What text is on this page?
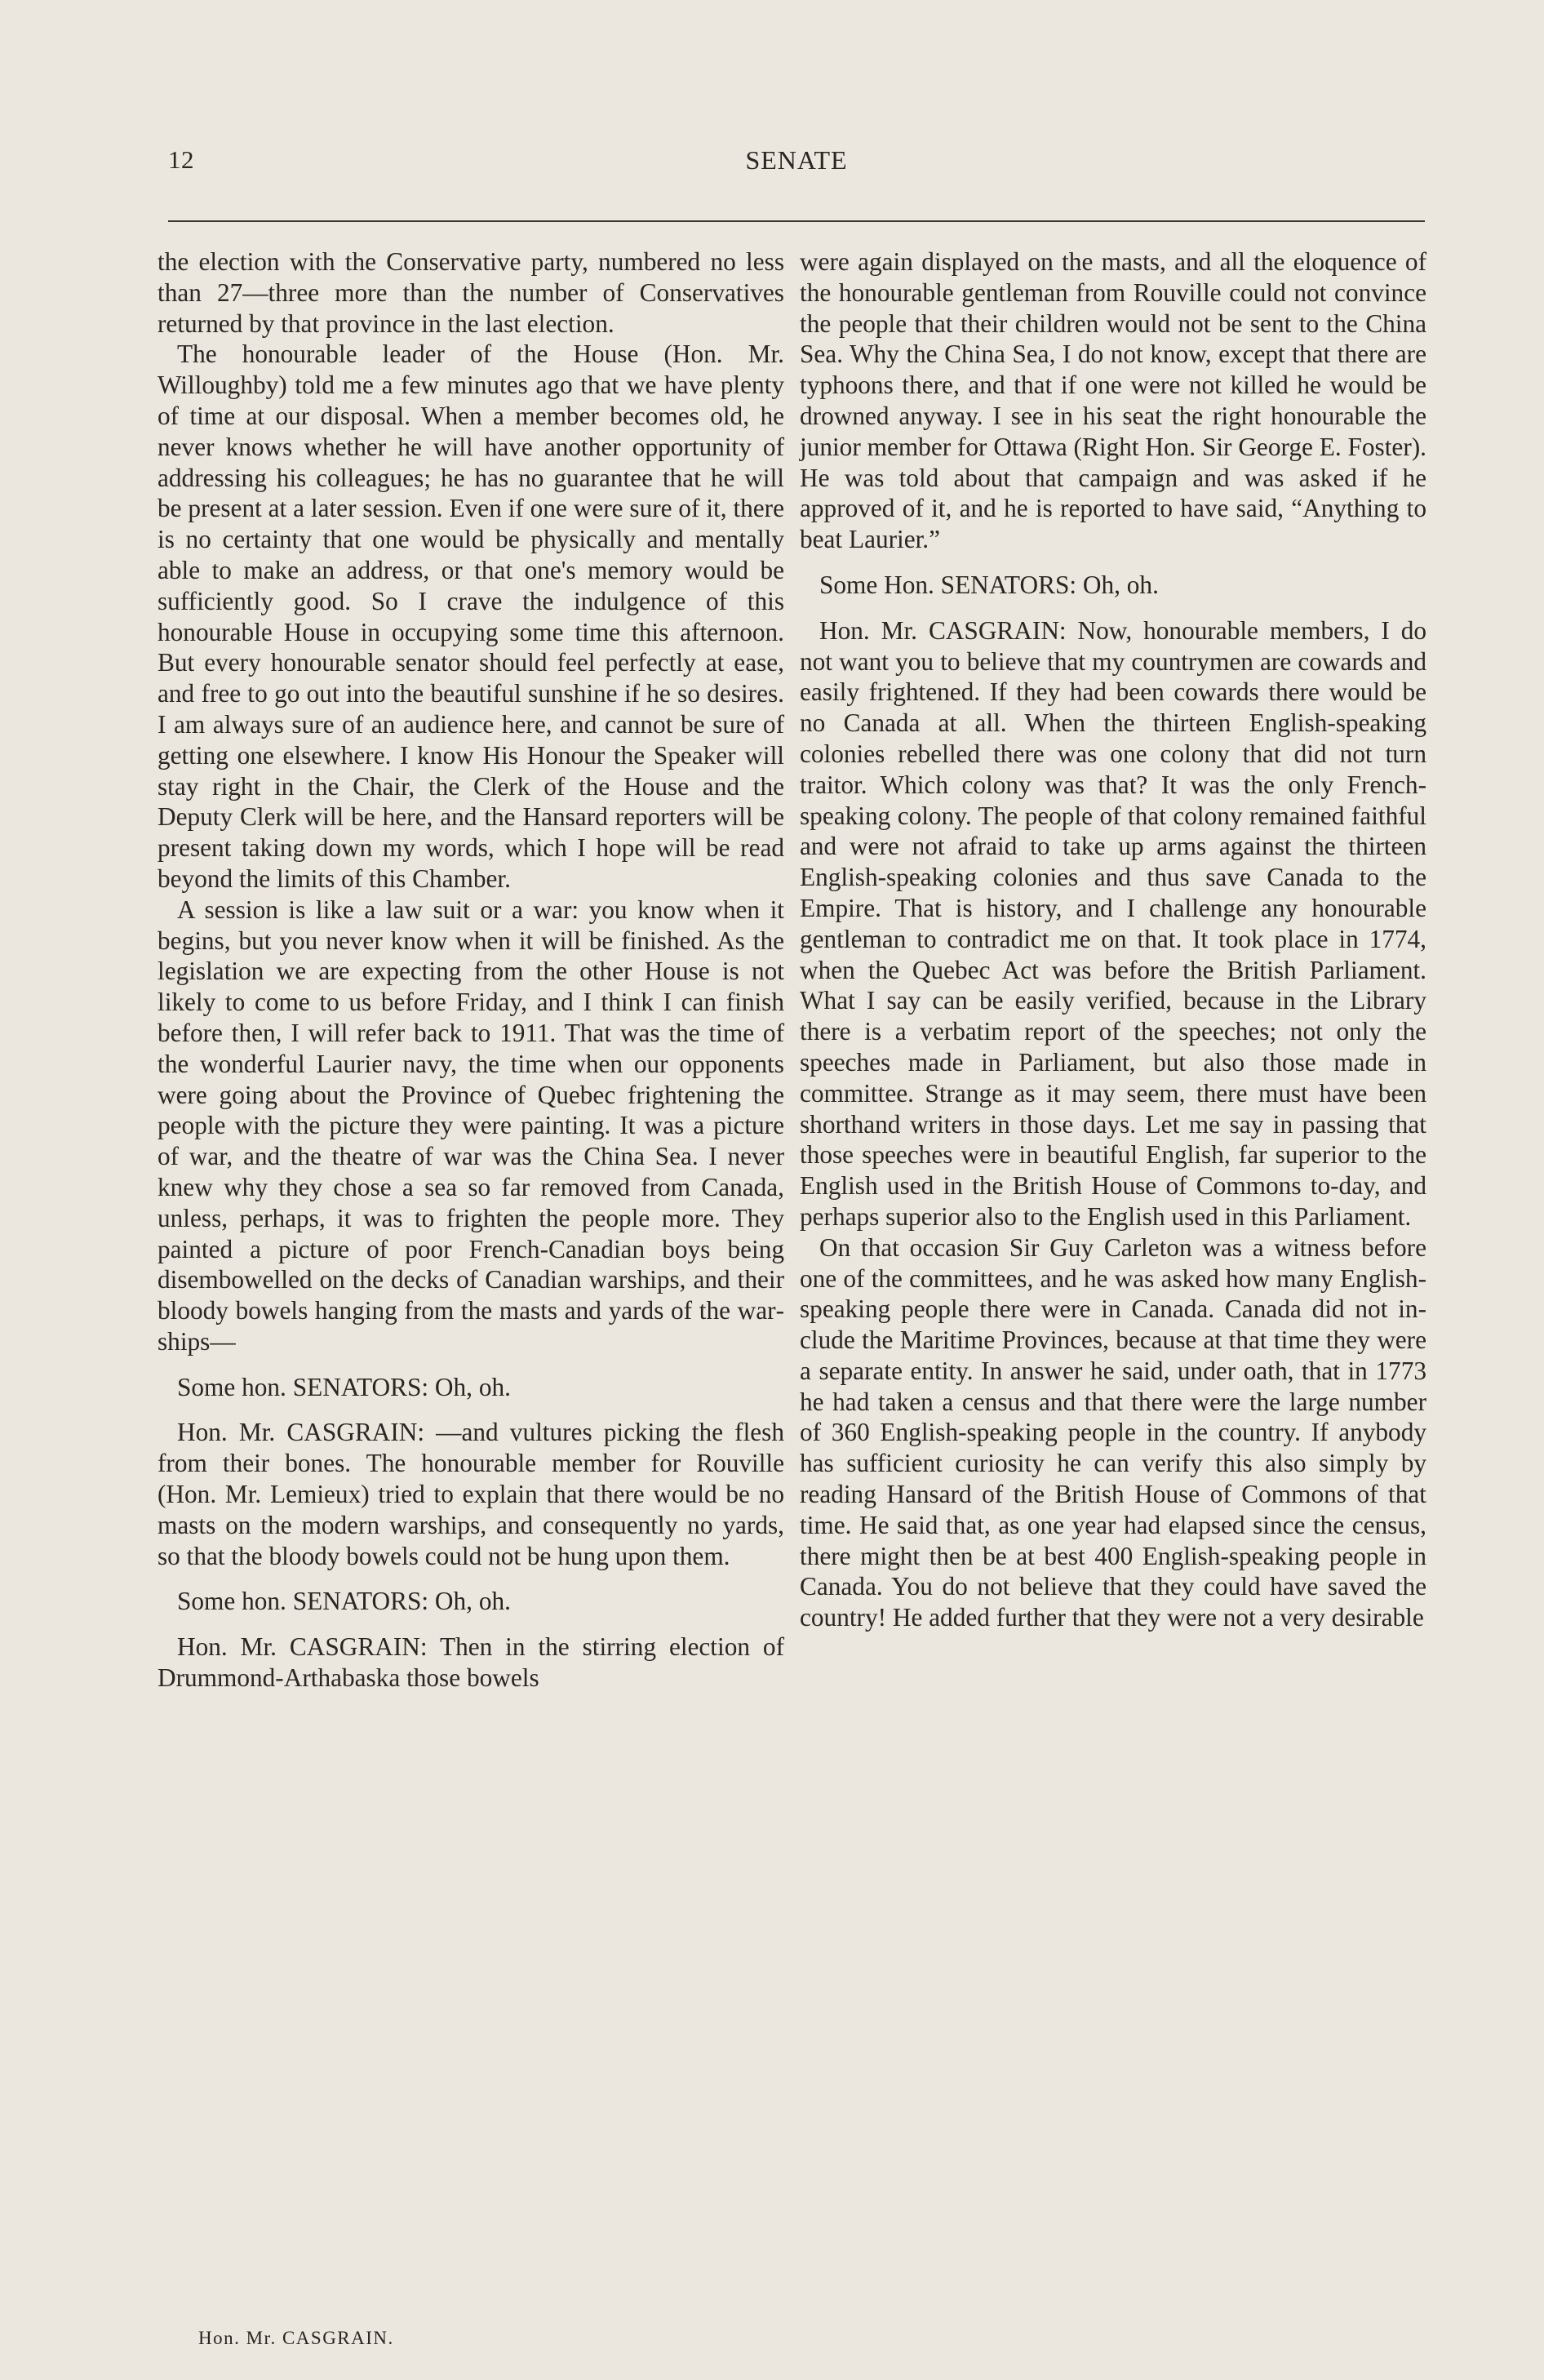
12	SENATE

the election with the Conservative party, numbered no less than 27—three more than the number of Conservatives returned by that province in the last election.

The honourable leader of the House (Hon. Mr. Willoughby) told me a few minutes ago that we have plenty of time at our disposal. When a member becomes old, he never knows whether he will have another opportunity of addressing his colleagues; he has no guarantee that he will be present at a later session. Even if one were sure of it, there is no certainty that one would be physically and mentally able to make an address, or that one's memory would be sufficiently good. So I crave the indulgence of this honourable House in occupying some time this afternoon. But every honourable senator should feel perfectly at ease, and free to go out into the beautiful sunshine if he so desires. I am always sure of an audience here, and cannot be sure of getting one elsewhere. I know His Honour the Speaker will stay right in the Chair, the Clerk of the House and the Deputy Clerk will be here, and the Hansard reporters will be present taking down my words, which I hope will be read beyond the limits of this Chamber.

A session is like a law suit or a war: you know when it begins, but you never know when it will be finished. As the legislation we are expecting from the other House is not likely to come to us before Friday, and I think I can finish before then, I will refer back to 1911. That was the time of the wonderful Laurier navy, the time when our opponents were going about the Province of Quebec frightening the people with the picture they were painting. It was a picture of war, and the theatre of war was the China Sea. I never knew why they chose a sea so far removed from Canada, unless, perhaps, it was to frighten the people more. They painted a picture of poor French-Canadian boys being disembowelled on the decks of Canadian warships, and their bloody bowels hanging from the masts and yards of the warships—

Some hon. SENATORS: Oh, oh.

Hon. Mr. CASGRAIN: —and vultures picking the flesh from their bones. The honourable member for Rouville (Hon. Mr. Lemieux) tried to explain that there would be no masts on the modern warships, and consequently no yards, so that the bloody bowels could not be hung upon them.

Some hon. SENATORS: Oh, oh.

Hon. Mr. CASGRAIN: Then in the stirring election of Drummond-Arthabaska those bowels

were again displayed on the masts, and all the eloquence of the honourable gentleman from Rouville could not convince the people that their children would not be sent to the China Sea. Why the China Sea, I do not know, except that there are typhoons there, and that if one were not killed he would be drowned anyway. I see in his seat the right honourable the junior member for Ottawa (Right Hon. Sir George E. Foster). He was told about that campaign and was asked if he approved of it, and he is reported to have said, “Anything to beat Laurier.”

Some Hon. SENATORS: Oh, oh.

Hon. Mr. CASGRAIN: Now, honourable members, I do not want you to believe that my countrymen are cowards and easily frightened. If they had been cowards there would be no Canada at all. When the thirteen English-speaking colonies rebelled there was one colony that did not turn traitor. Which colony was that? It was the only French-speaking colony. The people of that colony remained faithful and were not afraid to take up arms against the thirteen English-speaking colonies and thus save Canada to the Empire. That is history, and I challenge any honourable gentleman to contradict me on that. It took place in 1774, when the Quebec Act was before the British Parliament. What I say can be easily verified, because in the Library there is a verbatim report of the speeches; not only the speeches made in Parliament, but also those made in committee. Strange as it may seem, there must have been shorthand writers in those days. Let me say in passing that those speeches were in beautiful English, far superior to the English used in the British House of Commons to-day, and perhaps superior also to the English used in this Parliament.

On that occasion Sir Guy Carleton was a witness before one of the committees, and he was asked how many English-speaking people there were in Canada. Canada did not include the Maritime Provinces, because at that time they were a separate entity. In answer he said, under oath, that in 1773 he had taken a census and that there were the large number of 360 English-speaking people in the country. If anybody has sufficient curiosity he can verify this also simply by reading Hansard of the British House of Commons of that time. He said that, as one year had elapsed since the census, there might then be at best 400 English-speaking people in Canada. You do not believe that they could have saved the country! He added further that they were not a very desirable

Hon. Mr. CASGRAIN.
